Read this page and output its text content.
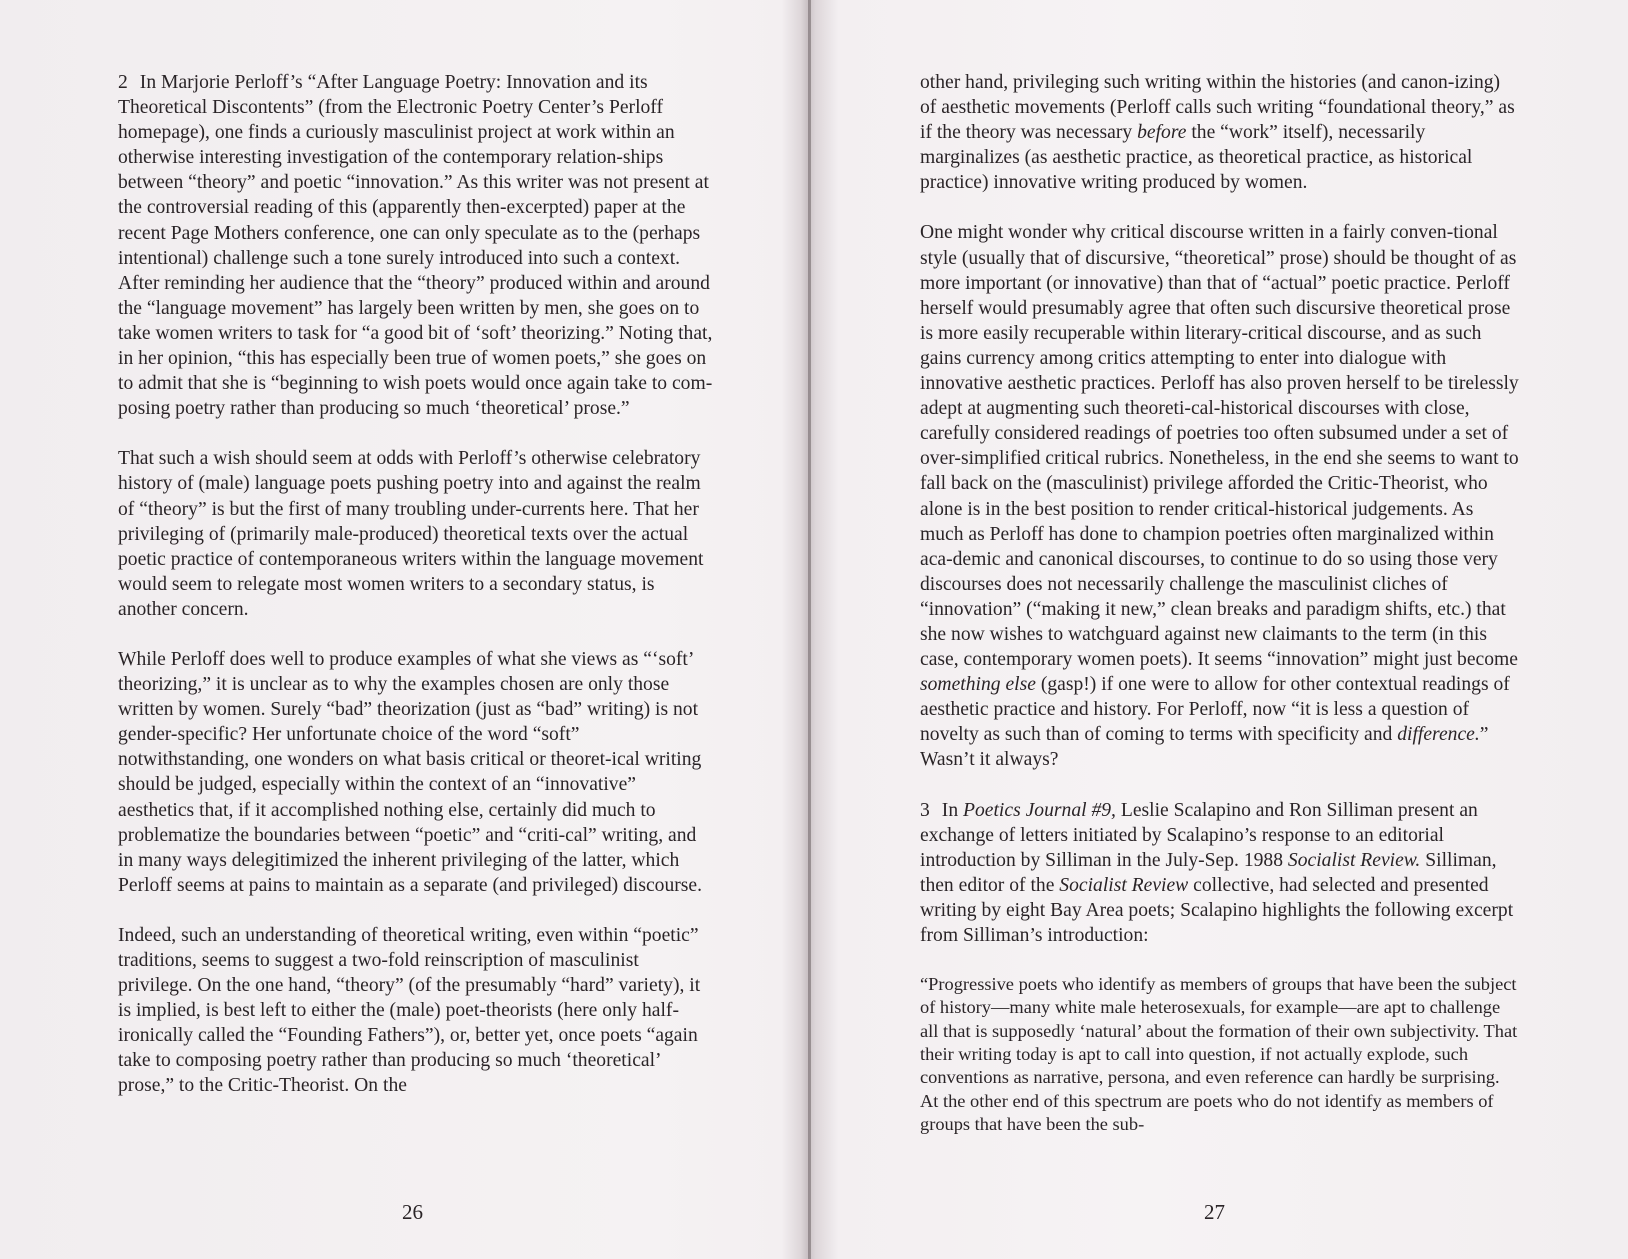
2 In Marjorie Perloff’s “After Language Poetry: Innovation and its Theoretical Discontents” (from the Electronic Poetry Center’s Perloff homepage), one finds a curiously masculinist project at work within an otherwise interesting investigation of the contemporary relation-ships between “theory” and poetic “innovation.” As this writer was not present at the controversial reading of this (apparently then-excerpted) paper at the recent Page Mothers conference, one can only speculate as to the (perhaps intentional) challenge such a tone surely introduced into such a context. After reminding her audience that the “theory” produced within and around the “language movement” has largely been written by men, she goes on to take women writers to task for “a good bit of ‘soft’ theorizing.” Noting that, in her opinion, “this has especially been true of women poets,” she goes on to admit that she is “beginning to wish poets would once again take to com-posing poetry rather than producing so much ‘theoretical’ prose.”

That such a wish should seem at odds with Perloff’s otherwise celebratory history of (male) language poets pushing poetry into and against the realm of “theory” is but the first of many troubling under-currents here. That her privileging of (primarily male-produced) theoretical texts over the actual poetic practice of contemporaneous writers within the language movement would seem to relegate most women writers to a secondary status, is another concern.

While Perloff does well to produce examples of what she views as “‘soft’ theorizing,” it is unclear as to why the examples chosen are only those written by women. Surely “bad” theorization (just as “bad” writing) is not gender-specific? Her unfortunate choice of the word “soft” notwithstanding, one wonders on what basis critical or theoret-ical writing should be judged, especially within the context of an “innovative” aesthetics that, if it accomplished nothing else, certainly did much to problematize the boundaries between “poetic” and “criti-cal” writing, and in many ways delegitimized the inherent privileging of the latter, which Perloff seems at pains to maintain as a separate (and privileged) discourse.

Indeed, such an understanding of theoretical writing, even within “poetic” traditions, seems to suggest a two-fold reinscription of masculinist privilege. On the one hand, “theory” (of the presumably “hard” variety), it is implied, is best left to either the (male) poet-theorists (here only half-ironically called the “Founding Fathers”), or, better yet, once poets “again take to composing poetry rather than producing so much ‘theoretical’ prose,” to the Critic-Theorist. On the

other hand, privileging such writing within the histories (and canon-izing) of aesthetic movements (Perloff calls such writing “foundational theory,” as if the theory was necessary before the “work” itself), necessarily marginalizes (as aesthetic practice, as theoretical practice, as historical practice) innovative writing produced by women.

One might wonder why critical discourse written in a fairly conven-tional style (usually that of discursive, “theoretical” prose) should be thought of as more important (or innovative) than that of “actual” poetic practice. Perloff herself would presumably agree that often such discursive theoretical prose is more easily recuperable within literary-critical discourse, and as such gains currency among critics attempting to enter into dialogue with innovative aesthetic practices. Perloff has also proven herself to be tirelessly adept at augmenting such theoreti-cal-historical discourses with close, carefully considered readings of poetries too often subsumed under a set of over-simplified critical rubrics. Nonetheless, in the end she seems to want to fall back on the (masculinist) privilege afforded the Critic-Theorist, who alone is in the best position to render critical-historical judgements. As much as Perloff has done to champion poetries often marginalized within aca-demic and canonical discourses, to continue to do so using those very discourses does not necessarily challenge the masculinist cliches of “innovation” (“making it new,” clean breaks and paradigm shifts, etc.) that she now wishes to watchguard against new claimants to the term (in this case, contemporary women poets). It seems “innovation” might just become something else (gasp!) if one were to allow for other contextual readings of aesthetic practice and history. For Perloff, now “it is less a question of novelty as such than of coming to terms with specificity and difference.” Wasn’t it always?

3 In Poetics Journal #9, Leslie Scalapino and Ron Silliman present an exchange of letters initiated by Scalapino’s response to an editorial introduction by Silliman in the July-Sep. 1988 Socialist Review. Silliman, then editor of the Socialist Review collective, had selected and presented writing by eight Bay Area poets; Scalapino highlights the following excerpt from Silliman’s introduction:

“Progressive poets who identify as members of groups that have been the subject of history—many white male heterosexuals, for example—are apt to challenge all that is supposedly ‘natural’ about the formation of their own subjectivity. That their writing today is apt to call into question, if not actually explode, such conventions as narrative, persona, and even reference can hardly be surprising. At the other end of this spectrum are poets who do not identify as members of groups that have been the sub-

26	27
